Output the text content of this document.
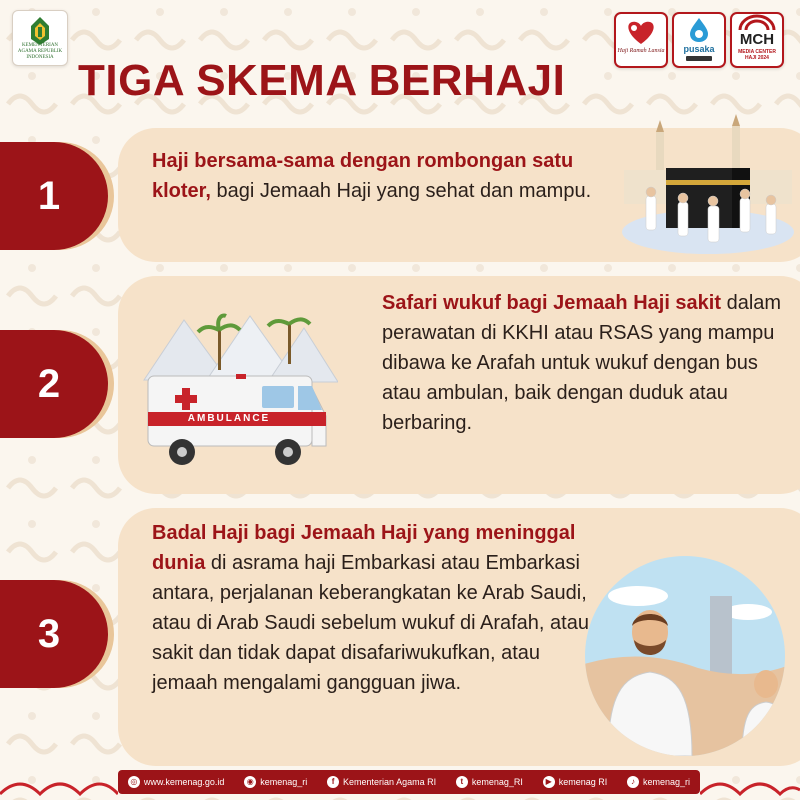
KEMENTERIAN AGAMA REPUBLIK INDONESIA
Haji Ramah Lansia	pusaka
MCH
MEDIA CENTER HAJI 2024
TIGA SKEMA BERHAJI
1
2
3

Haji bersama-sama dengan rombongan satu kloter, bagi Jemaah Haji yang sehat dan mampu.

Safari wukuf bagi Jemaah Haji sakit dalam perawatan di KKHI atau RSAS yang mampu dibawa ke Arafah untuk wukuf dengan bus atau ambulan, baik dengan duduk atau berbaring.

Badal Haji bagi Jemaah Haji yang meninggal dunia di asrama haji Embarkasi atau Embarkasi antara, perjalanan keberangkatan ke Arab Saudi, atau di Arab Saudi sebelum wukuf di Arafah, atau sakit dan tidak dapat disafariwukufkan, atau jemaah mengalami gangguan jiwa.

AMBULANCE
◎ www.kemenag.go.id	◉ kemenag_ri	f Kementerian Agama RI	t kemenag_RI	▶ kemenag RI	♪ kemenag_ri
